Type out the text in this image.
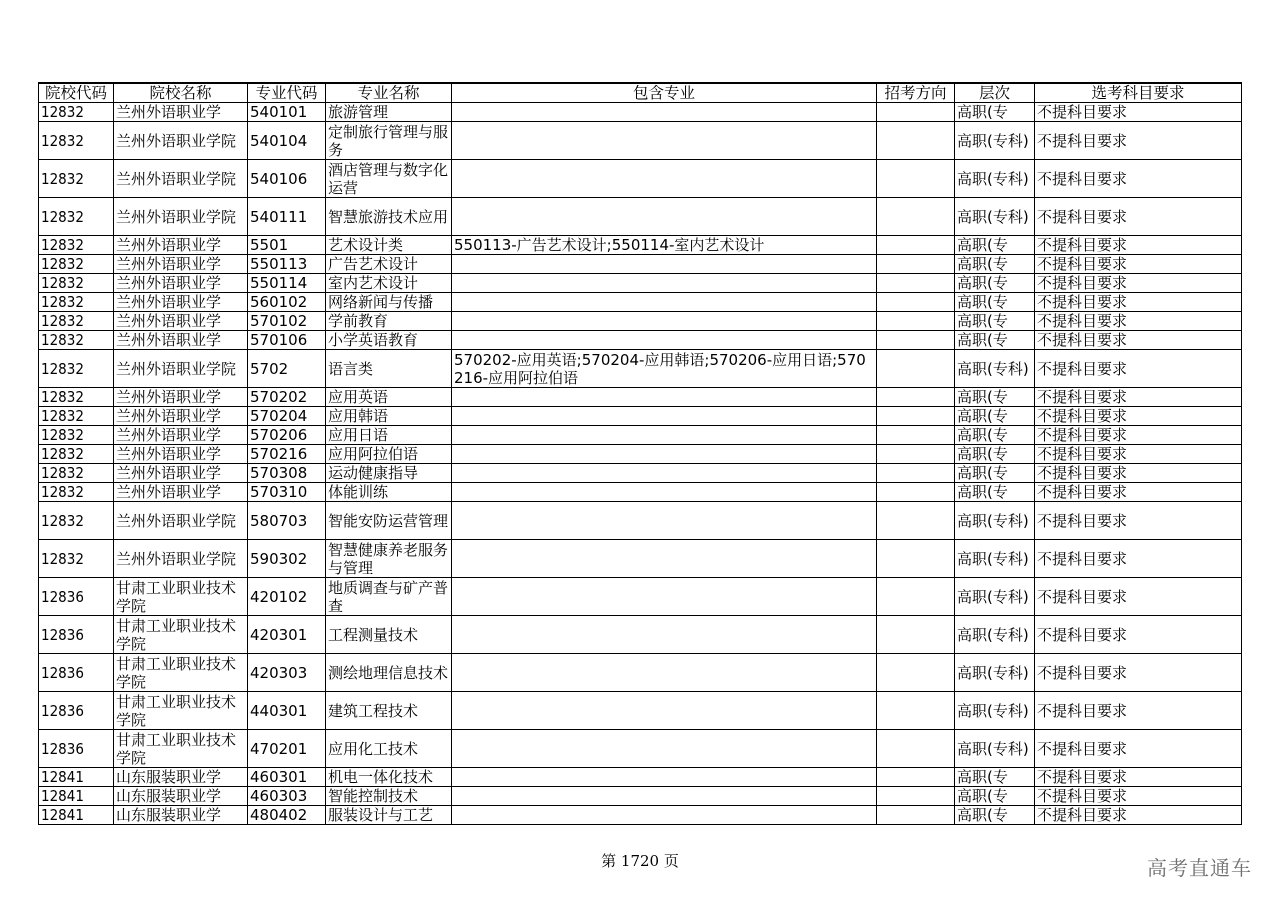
院校代码	院校名称	专业代码	专业名称	包含专业	招考方向	层次	选考科目要求
12832	兰州外语职业学	540101	旅游管理			高职(专	不提科目要求
12832	兰州外语职业学院	540104	定制旅行管理与服务			高职(专科)	不提科目要求
12832	兰州外语职业学院	540106	酒店管理与数字化运营			高职(专科)	不提科目要求
12832	兰州外语职业学院	540111	智慧旅游技术应用			高职(专科)	不提科目要求
12832	兰州外语职业学	5501	艺术设计类	550113-广告艺术设计;550114-室内艺术设计		高职(专	不提科目要求
12832	兰州外语职业学	550113	广告艺术设计			高职(专	不提科目要求
12832	兰州外语职业学	550114	室内艺术设计			高职(专	不提科目要求
12832	兰州外语职业学	560102	网络新闻与传播			高职(专	不提科目要求
12832	兰州外语职业学	570102	学前教育			高职(专	不提科目要求
12832	兰州外语职业学	570106	小学英语教育			高职(专	不提科目要求
12832	兰州外语职业学院	5702	语言类	570202-应用英语;570204-应用韩语;570206-应用日语;570216-应用阿拉伯语		高职(专科)	不提科目要求
12832	兰州外语职业学	570202	应用英语			高职(专	不提科目要求
12832	兰州外语职业学	570204	应用韩语			高职(专	不提科目要求
12832	兰州外语职业学	570206	应用日语			高职(专	不提科目要求
12832	兰州外语职业学	570216	应用阿拉伯语			高职(专	不提科目要求
12832	兰州外语职业学	570308	运动健康指导			高职(专	不提科目要求
12832	兰州外语职业学	570310	体能训练			高职(专	不提科目要求
12832	兰州外语职业学院	580703	智能安防运营管理			高职(专科)	不提科目要求
12832	兰州外语职业学院	590302	智慧健康养老服务与管理			高职(专科)	不提科目要求
12836	甘肃工业职业技术学院	420102	地质调查与矿产普查			高职(专科)	不提科目要求
12836	甘肃工业职业技术学院	420301	工程测量技术			高职(专科)	不提科目要求
12836	甘肃工业职业技术学院	420303	测绘地理信息技术			高职(专科)	不提科目要求
12836	甘肃工业职业技术学院	440301	建筑工程技术			高职(专科)	不提科目要求
12836	甘肃工业职业技术学院	470201	应用化工技术			高职(专科)	不提科目要求
12841	山东服装职业学	460301	机电一体化技术			高职(专	不提科目要求
12841	山东服装职业学	460303	智能控制技术			高职(专	不提科目要求
12841	山东服装职业学	480402	服装设计与工艺			高职(专	不提科目要求
第 1720 页	高考直通车
